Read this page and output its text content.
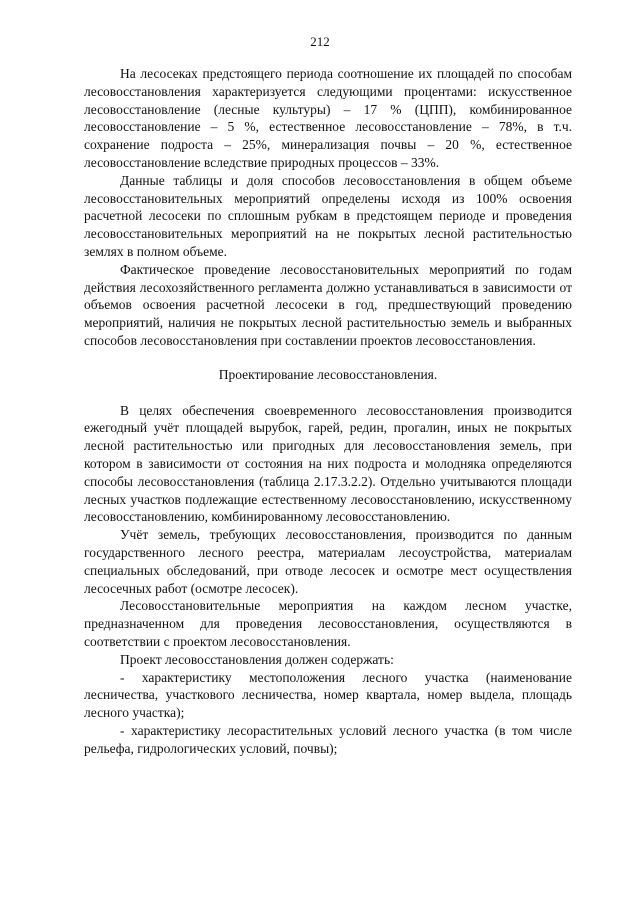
212

На лесосеках предстоящего периода соотношение их площадей по способам лесовосстановления характеризуется следующими процентами: искусственное лесовосстановление (лесные культуры) – 17 % (ЦПП), комбинированное лесовосстановление – 5 %, естественное лесовосстановление – 78%, в т.ч. сохранение подроста – 25%, минерализация почвы – 20 %, естественное лесовосстановление вследствие природных процессов – 33%.

Данные таблицы и доля способов лесовосстановления в общем объеме лесовосстановительных мероприятий определены исходя из 100% освоения расчетной лесосеки по сплошным рубкам в предстоящем периоде и проведения лесовосстановительных мероприятий на не покрытых лесной растительностью землях в полном объеме.

Фактическое проведение лесовосстановительных мероприятий по годам действия лесохозяйственного регламента должно устанавливаться в зависимости от объемов освоения расчетной лесосеки в год, предшествующий проведению мероприятий, наличия не покрытых лесной растительностью земель и выбранных способов лесовосстановления при составлении проектов лесовосстановления.

Проектирование лесовосстановления.

В целях обеспечения своевременного лесовосстановления производится ежегодный учёт площадей вырубок, гарей, редин, прогалин, иных не покрытых лесной растительностью или пригодных для лесовосстановления земель, при котором в зависимости от состояния на них подроста и молодняка определяются способы лесовосстановления (таблица 2.17.3.2.2). Отдельно учитываются площади лесных участков подлежащие естественному лесовосстановлению, искусственному лесовосстановлению, комбинированному лесовосстановлению.

Учёт земель, требующих лесовосстановления, производится по данным государственного лесного реестра, материалам лесоустройства, материалам специальных обследований, при отводе лесосек и осмотре мест осуществления лесосечных работ (осмотре лесосек).

Лесовосстановительные мероприятия на каждом лесном участке, предназначенном для проведения лесовосстановления, осуществляются в соответствии с проектом лесовосстановления.

Проект лесовосстановления должен содержать:

- характеристику местоположения лесного участка (наименование лесничества, участкового лесничества, номер квартала, номер выдела, площадь лесного участка);

- характеристику лесорастительных условий лесного участка (в том числе рельефа, гидрологических условий, почвы);
